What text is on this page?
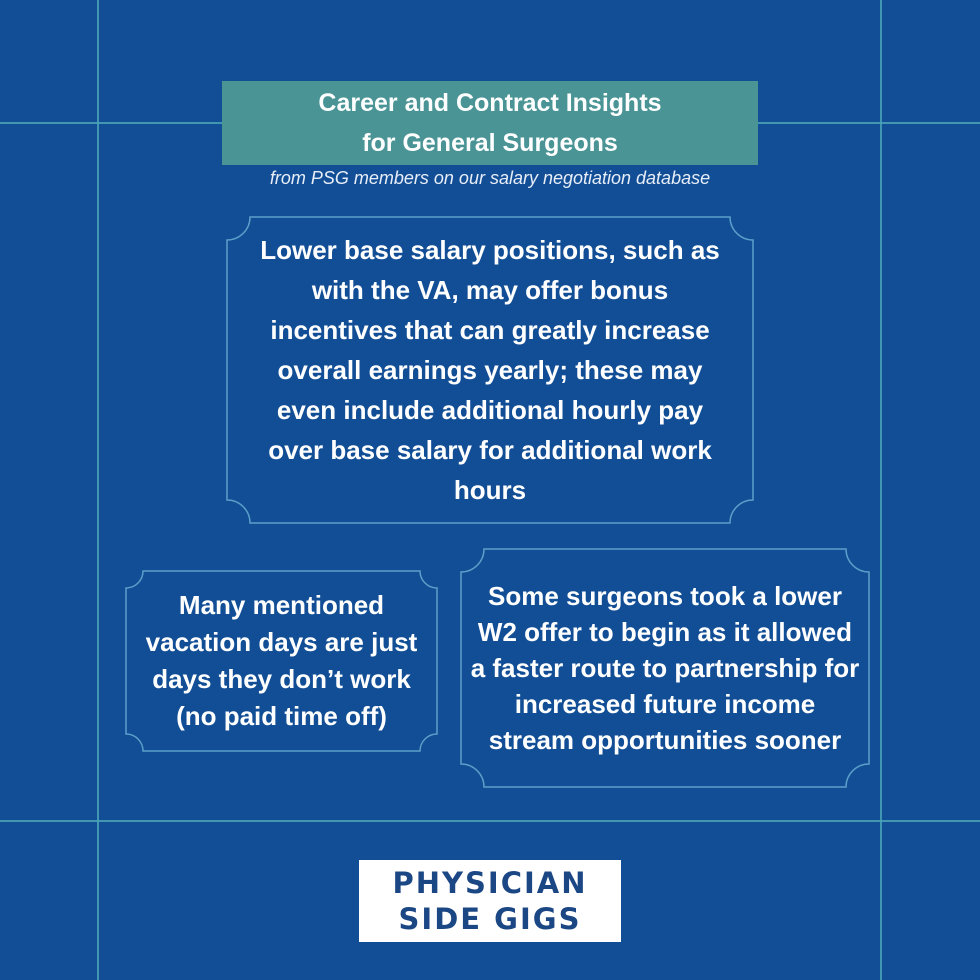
Career and Contract Insights
for General Surgeons
from PSG members on our salary negotiation database
Lower base salary positions, such as with the VA, may offer bonus incentives that can greatly increase overall earnings yearly; these may even include additional hourly pay over base salary for additional work hours
Many mentioned vacation days are just days they don’t work (no paid time off)
Some surgeons took a lower W2 offer to begin as it allowed a faster route to partnership for increased future income stream opportunities sooner
PHYSICIAN
SIDE GIGS
